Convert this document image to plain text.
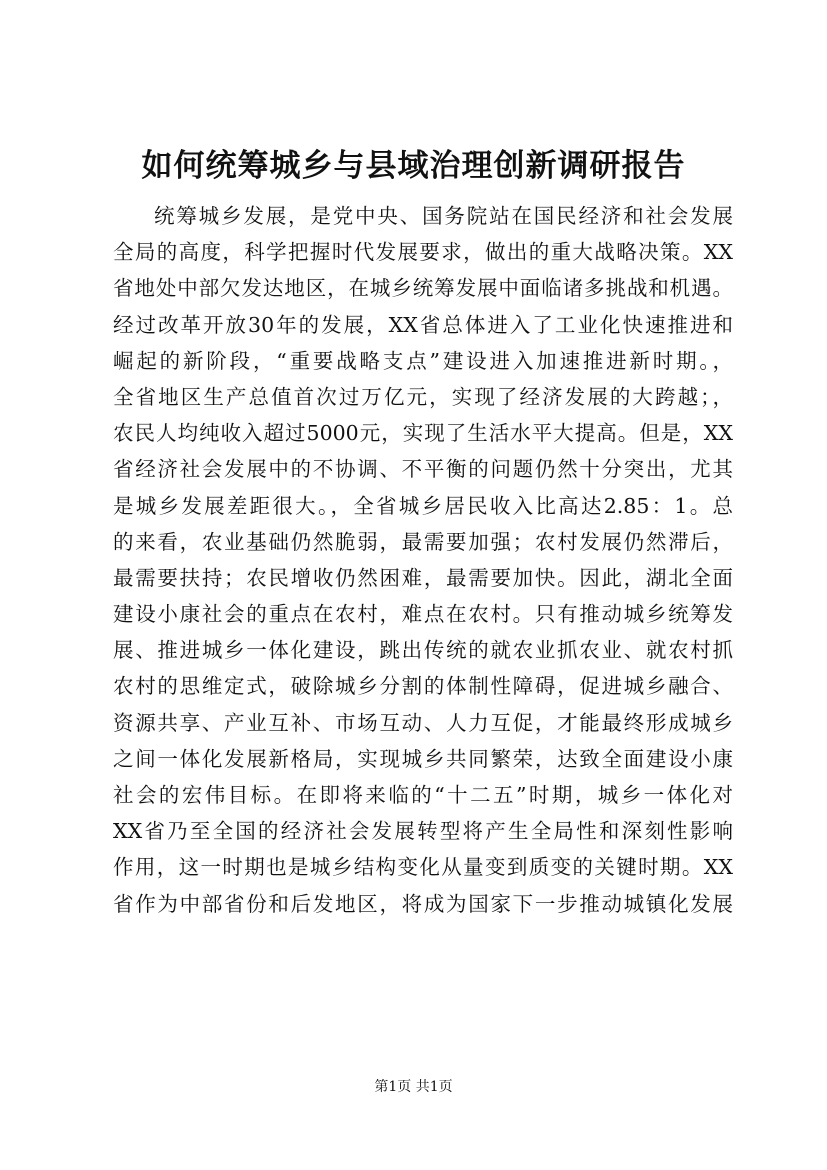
如何统筹城乡与县域治理创新调研报告
统筹城乡发展，是党中央、国务院站在国民经济和社会发展
全局的高度，科学把握时代发展要求，做出的重大战略决策。XX
省地处中部欠发达地区，在城乡统筹发展中面临诸多挑战和机遇。
经过改革开放30年的发展，XX省总体进入了工业化快速推进和
崛起的新阶段，“重要战略支点”建设进入加速推进新时期。，
全省地区生产总值首次过万亿元，实现了经济发展的大跨越；，
农民人均纯收入超过5000元，实现了生活水平大提高。但是，XX
省经济社会发展中的不协调、不平衡的问题仍然十分突出，尤其
是城乡发展差距很大。，全省城乡居民收入比高达2.85：1。总
的来看，农业基础仍然脆弱，最需要加强；农村发展仍然滞后，
最需要扶持；农民增收仍然困难，最需要加快。因此，湖北全面
建设小康社会的重点在农村，难点在农村。只有推动城乡统筹发
展、推进城乡一体化建设，跳出传统的就农业抓农业、就农村抓
农村的思维定式，破除城乡分割的体制性障碍，促进城乡融合、
资源共享、产业互补、市场互动、人力互促，才能最终形成城乡
之间一体化发展新格局，实现城乡共同繁荣，达致全面建设小康
社会的宏伟目标。在即将来临的“十二五”时期，城乡一体化对
XX省乃至全国的经济社会发展转型将产生全局性和深刻性影响
作用，这一时期也是城乡结构变化从量变到质变的关键时期。XX
省作为中部省份和后发地区，将成为国家下一步推动城镇化发展
第1页 共1页
